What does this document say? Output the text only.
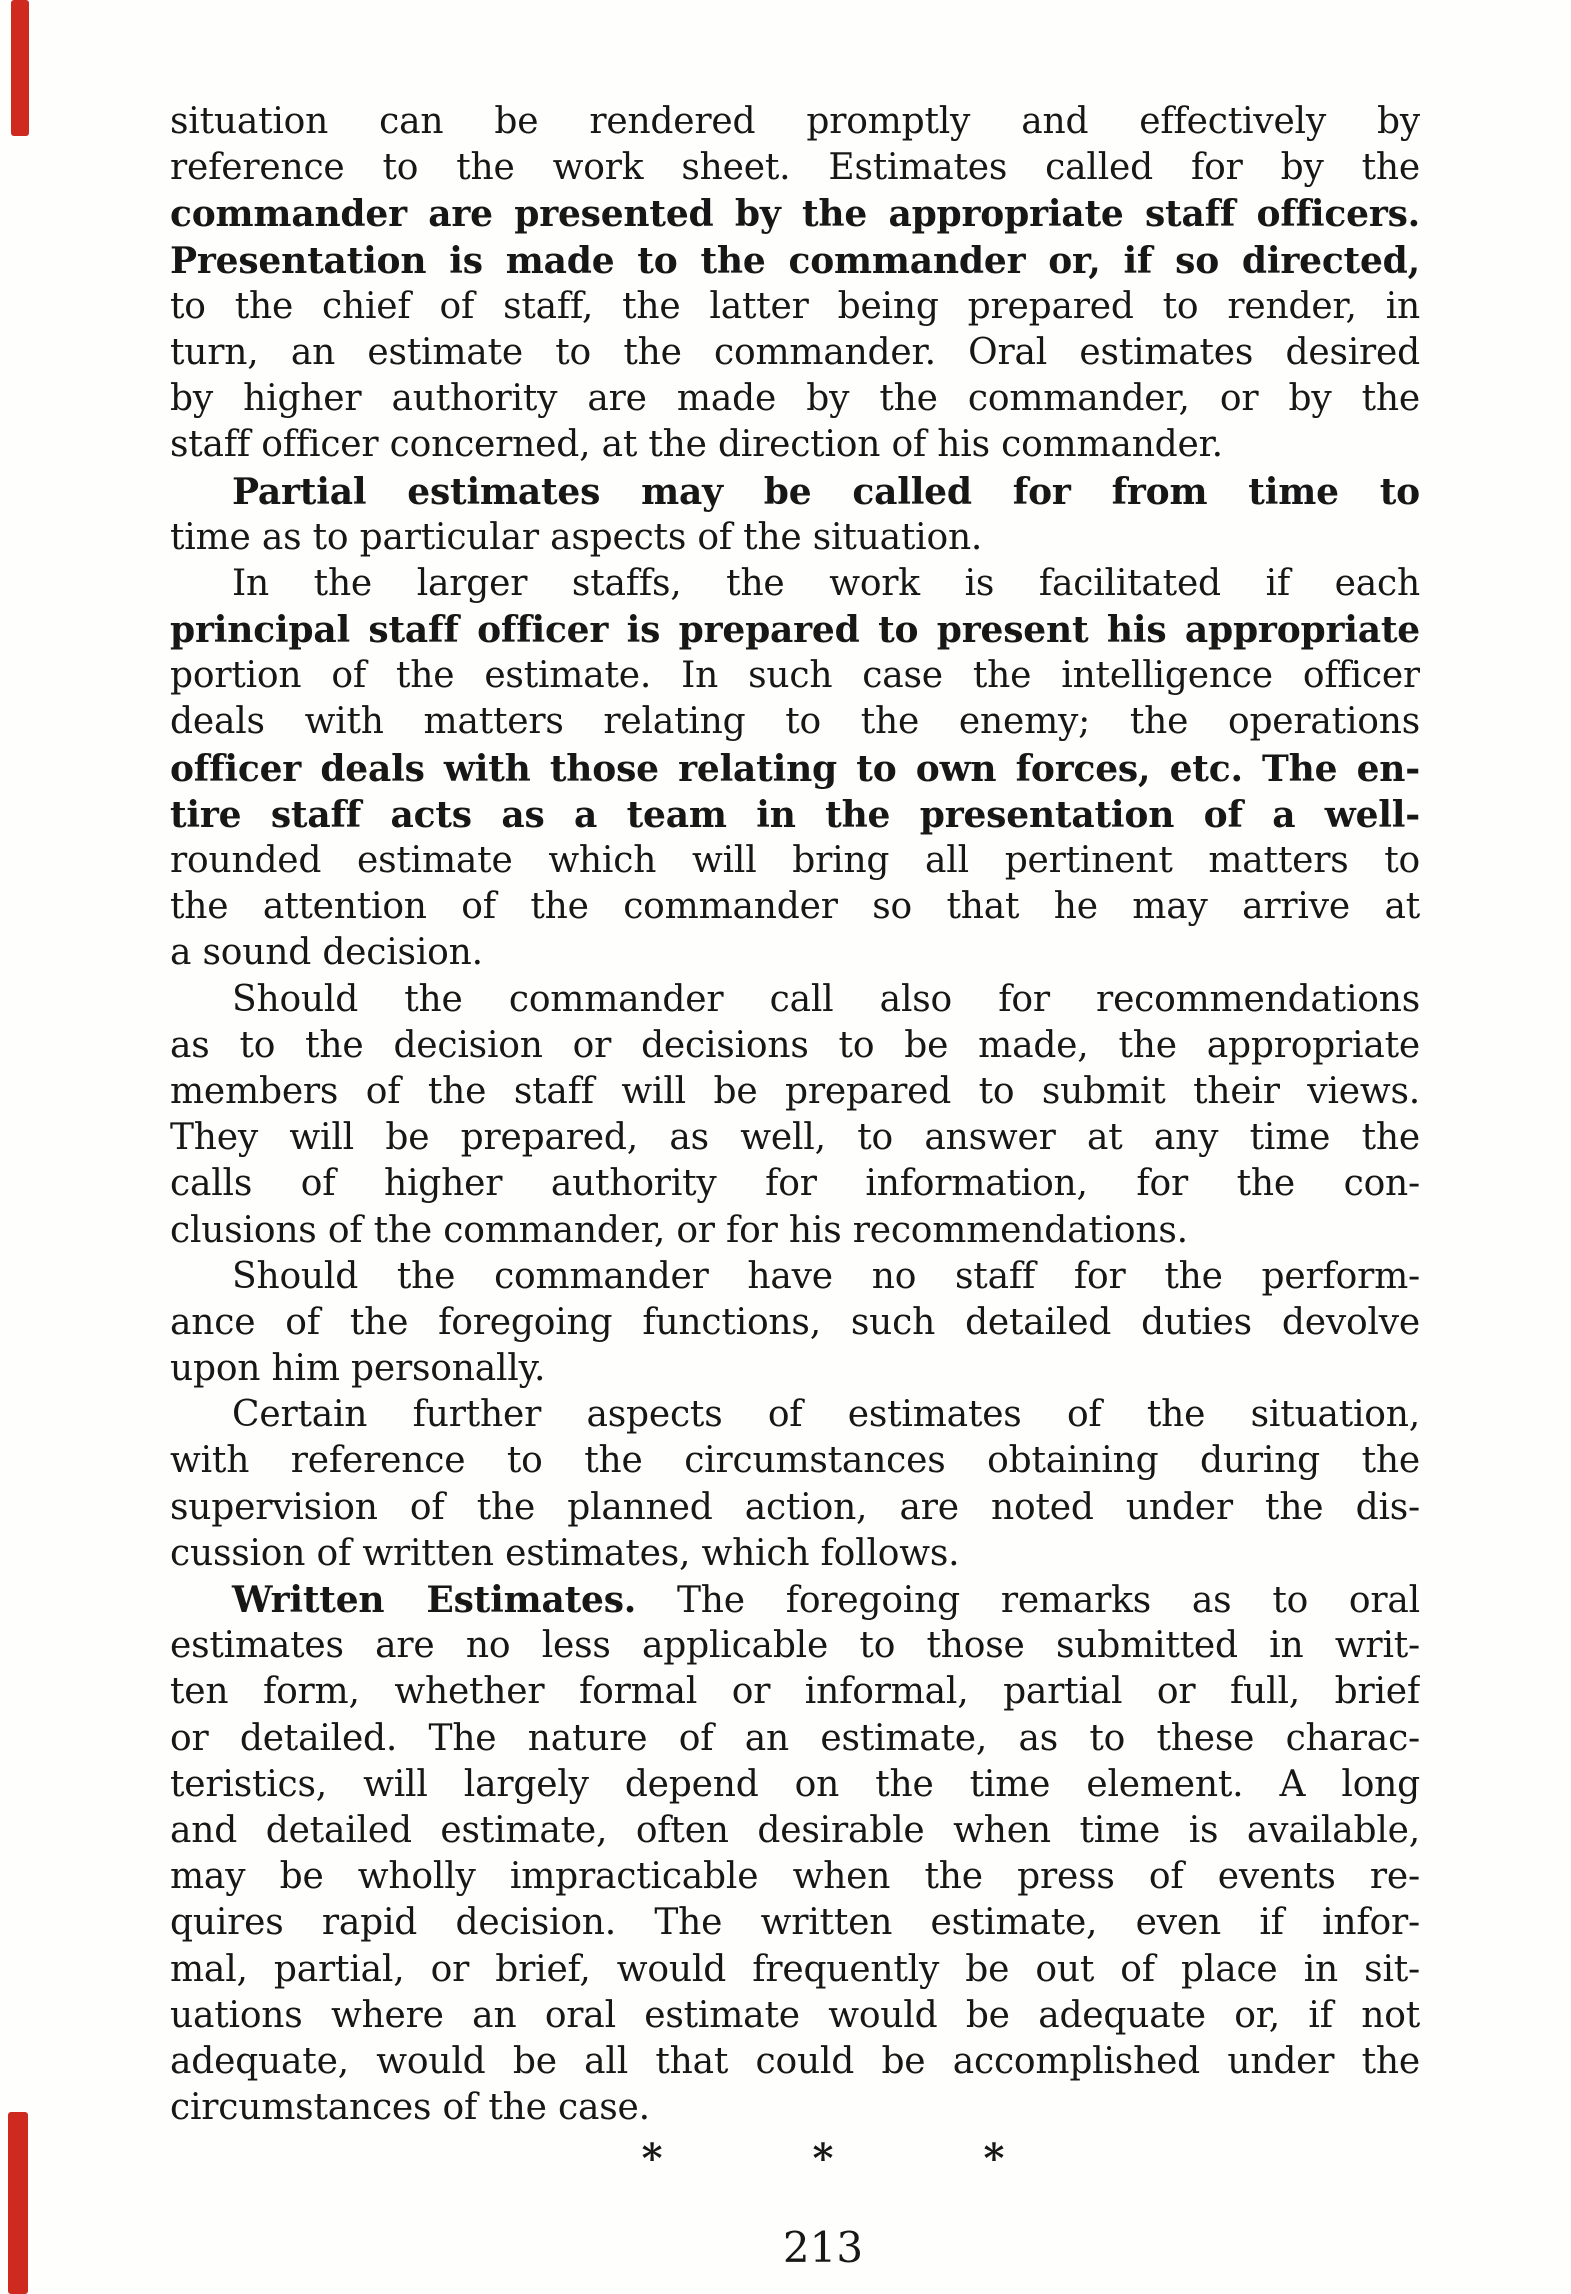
situation can be rendered promptly and effectively by
reference to the work sheet. Estimates called for by the
commander are presented by the appropriate staff officers.
Presentation is made to the commander or, if so directed,
to the chief of staff, the latter being prepared to render, in
turn, an estimate to the commander. Oral estimates desired
by higher authority are made by the commander, or by the
staff officer concerned, at the direction of his commander.
Partial estimates may be called for from time to
time as to particular aspects of the situation.
In the larger staffs, the work is facilitated if each
principal staff officer is prepared to present his appropriate
portion of the estimate. In such case the intelligence officer
deals with matters relating to the enemy; the operations
officer deals with those relating to own forces, etc. The en-
tire staff acts as a team in the presentation of a well-
rounded estimate which will bring all pertinent matters to
the attention of the commander so that he may arrive at
a sound decision.
Should the commander call also for recommendations
as to the decision or decisions to be made, the appropriate
members of the staff will be prepared to submit their views.
They will be prepared, as well, to answer at any time the
calls of higher authority for information, for the con-
clusions of the commander, or for his recommendations.
Should the commander have no staff for the perform-
ance of the foregoing functions, such detailed duties devolve
upon him personally.
Certain further aspects of estimates of the situation,
with reference to the circumstances obtaining during the
supervision of the planned action, are noted under the dis-
cussion of written estimates, which follows.
Written Estimates. The foregoing remarks as to oral
estimates are no less applicable to those submitted in writ-
ten form, whether formal or informal, partial or full, brief
or detailed. The nature of an estimate, as to these charac-
teristics, will largely depend on the time element. A long
and detailed estimate, often desirable when time is available,
may be wholly impracticable when the press of events re-
quires rapid decision. The written estimate, even if infor-
mal, partial, or brief, would frequently be out of place in sit-
uations where an oral estimate would be adequate or, if not
adequate, would be all that could be accomplished under the
circumstances of the case.
*	*	*
213
